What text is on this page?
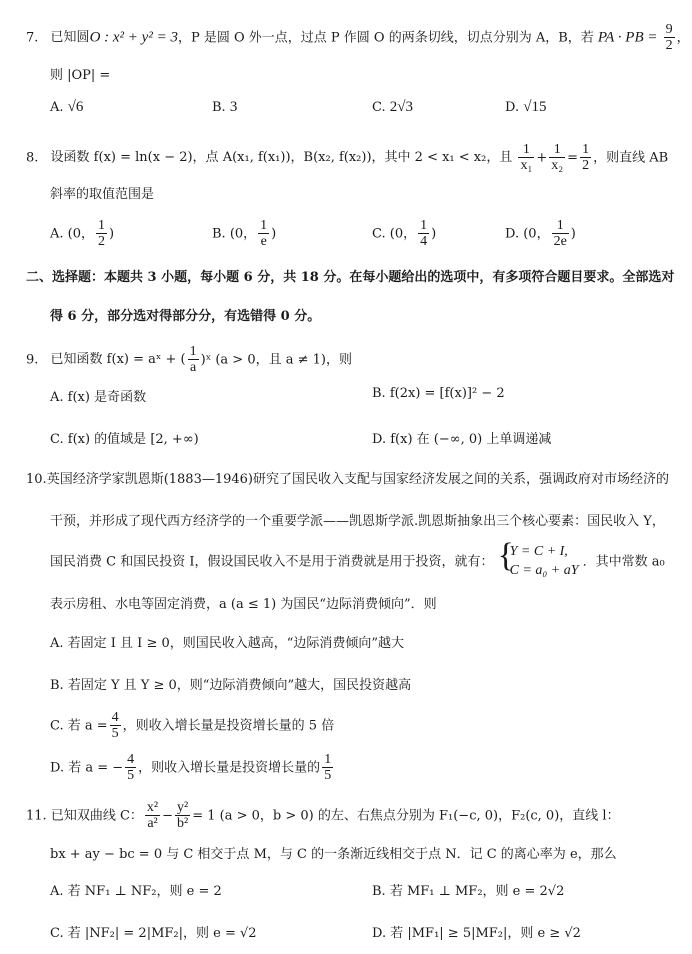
7. 已知圆O : x² + y² = 3，P 是圆 O 外一点，过点 P 作圆 O 的两条切线，切点分别为 A，B，若 PA · PB = $\frac{9}{2}$ ，
则 |OP| =
A. √6	B. 3	C. 2√3	D. √15
8. 设函数 f(x) = ln(x − 2)，点 A(x₁, f(x₁))，B(x₂, f(x₂))，其中 2 < x₁ < x₂，且 $\frac{1}{\text{x₁}} + \frac{1}{\text{x₂}} = \frac{1}{2}$ ，则直线 AB
斜率的取值范围是
A. (0， $\frac{1}{2}$ )	B. (0， $\frac{1}{e}$ )	C. (0， $\frac{1}{4}$ )	D. (0， $\frac{1}{2e}$ )
二、选择题：本题共 3 小题，每小题 6 分，共 18 分。在每小题给出的选项中，有多项符合题目要求。全部选对
得 6 分，部分选对得部分分，有选错得 0 分。
9. 已知函数 f(x) = aˣ + ( $\frac{1}{a}$ )ˣ (a > 0，且 a ≠ 1)，则
A. f(x) 是奇函数	B. f(2x) = [f(x)]² − 2
C. f(x) 的值域是 [2, +∞)	D. f(x) 在 (−∞, 0) 上单调递减
10.英国经济学家凯恩斯(1883—1946)研究了国民收入支配与国家经济发展之间的关系，强调政府对市场经济的
干预，并形成了现代西方经济学的一个重要学派——凯恩斯学派.凯恩斯抽象出三个核心要素：国民收入 Y，
国民消费 C 和国民投资 I，假设国民收入不是用于消费就是用于投资，就有：
{ Y = C + I,
C = a₀ + aY
．其中常数 a₀
表示房租、水电等固定消费，a (a ≤ 1) 为国民“边际消费倾向”．则
A. 若固定 I 且 I ≥ 0，则国民收入越高，“边际消费倾向”越大
B. 若固定 Y 且 Y ≥ 0，则“边际消费倾向”越大，国民投资越高
C. 若 $a = \frac{4}{5}$ ，则收入增长量是投资增长量的 5 倍
D. 若 a = − $\frac{4}{5}$ ，则收入增长量是投资增长量的 $\frac{1}{5}$
11. 已知双曲线 C： $\frac{\text{x²}}{\text{a²}} - \frac{\text{y²}}{\text{b²}} = 1$ (a > 0，b > 0) 的左、右焦点分别为 F₁(−c, 0)，F₂(c, 0)，直线 l：
bx + ay − bc = 0 与 C 相交于点 M，与 C 的一条渐近线相交于点 N．记 C 的离心率为 e，那么
A. 若 NF₁ ⊥ NF₂，则 e = 2	B. 若 MF₁ ⊥ MF₂，则 e = 2√2
C. 若 |NF₂| = 2|MF₂|，则 e = √2	D. 若 |MF₁| ≥ 5|MF₂|，则 e ≥ √2
